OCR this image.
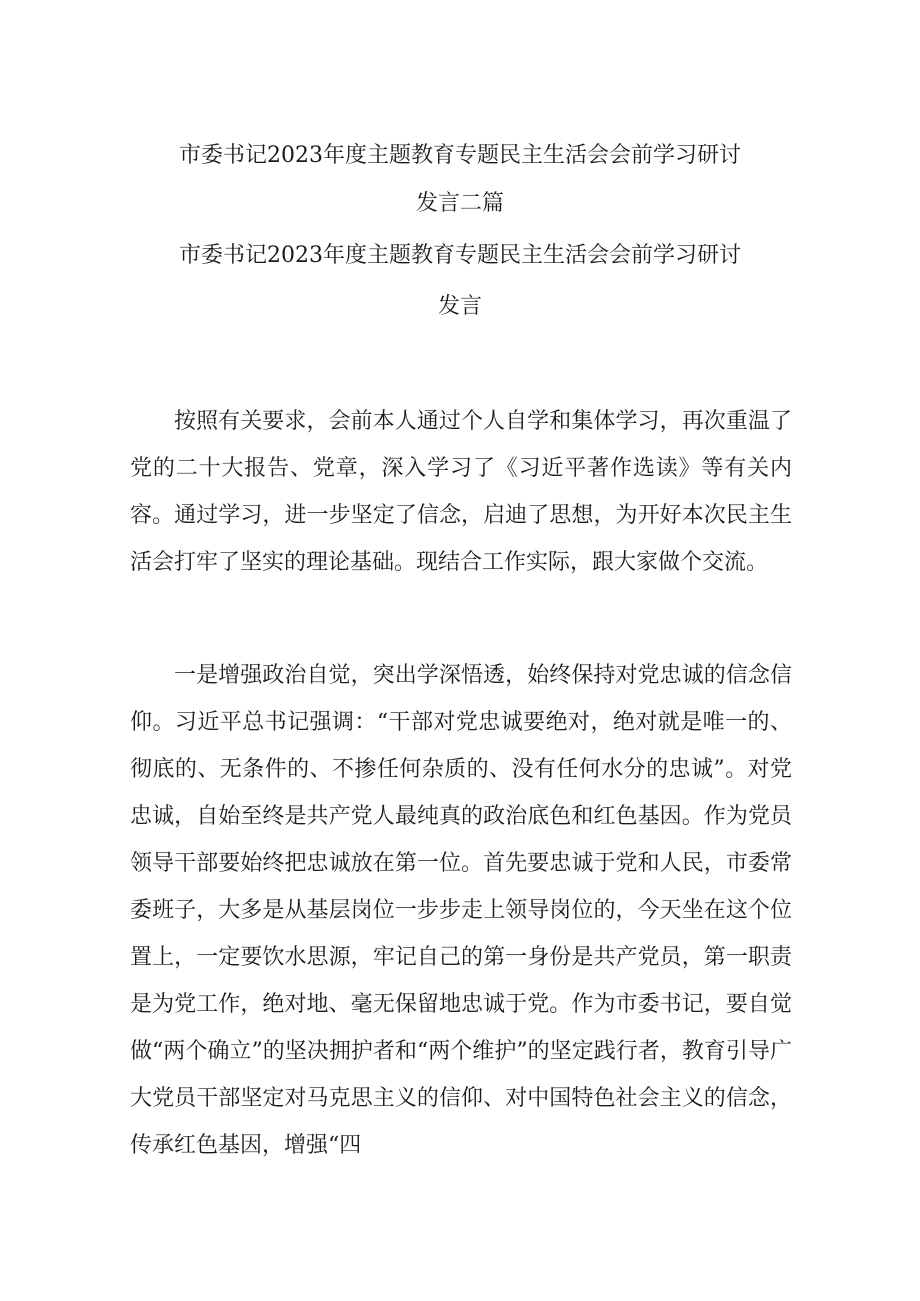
市委书记2023年度主题教育专题民主生活会会前学习研讨
发言二篇
市委书记2023年度主题教育专题民主生活会会前学习研讨
发言

按照有关要求，会前本人通过个人自学和集体学习，再次重温了党的二十大报告、党章，深入学习了《习近平著作选读》等有关内容。通过学习，进一步坚定了信念，启迪了思想，为开好本次民主生活会打牢了坚实的理论基础。现结合工作实际，跟大家做个交流。

一是增强政治自觉，突出学深悟透，始终保持对党忠诚的信念信仰。习近平总书记强调：“干部对党忠诚要绝对，绝对就是唯一的、彻底的、无条件的、不掺任何杂质的、没有任何水分的忠诚”。对党忠诚，自始至终是共产党人最纯真的政治底色和红色基因。作为党员领导干部要始终把忠诚放在第一位。首先要忠诚于党和人民，市委常委班子，大多是从基层岗位一步步走上领导岗位的，今天坐在这个位置上，一定要饮水思源，牢记自己的第一身份是共产党员，第一职责是为党工作，绝对地、毫无保留地忠诚于党。作为市委书记，要自觉做“两个确立”的坚决拥护者和“两个维护”的坚定践行者，教育引导广大党员干部坚定对马克思主义的信仰、对中国特色社会主义的信念，传承红色基因，增强“四
